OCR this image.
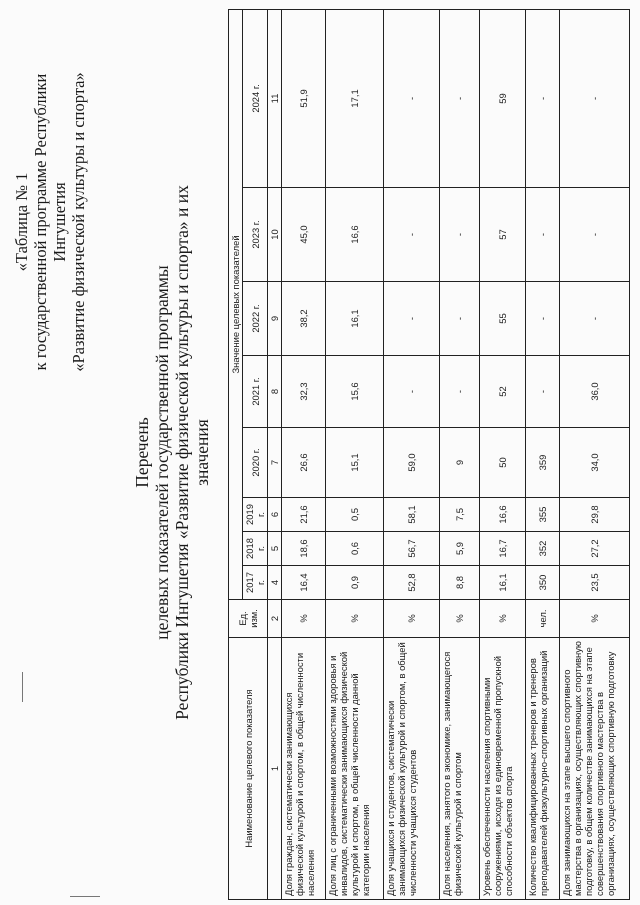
«Таблица № 1 к государственной программе Республики Ингушетия «Развитие физической культуры и спорта»
Перечень целевых показателей государственной программы Республики Ингушетия «Развитие физической культуры и спорта» и их значения
Наименование целевого показателя	Ед. изм.	Значение целевых показателей							
		2017 г.	2018 г.	2019 г.	2020 г.	2021 г.	2022 г.	2023 г.	2024 г.
1	2	4	5	6	7	8	9	10	11
Доля граждан, систематически занимающихся физической культурой и спортом, в общей численности населения	%	16,4	18,6	21,6	26,6	32,3	38,2	45,0	51,9
Доля лиц с ограниченными возможностями здоровья и инвалидов, систематически занимающихся физической культурой и спортом, в общей численности данной категории населения	%	0,9	0,6	0,5	15,1	15,6	16,1	16,6	17,1
Доля учащихся и студентов, систематически занимающихся физической культурой и спортом, в общей численности учащихся студентов	%	52,8	56,7	58,1	59,0	-	-	-	-
Доля населения, занятого в экономике, занимающегося физической культурой и спортом	%	8,8	5,9	7,5	9	-	-	-	-
Уровень обеспеченности населения спортивными сооружениями, исходя из единовременной пропускной способности объектов спорта	%	16,1	16,7	16,6	50	52	55	57	59
Количество квалифицированных тренеров и тренеров преподавателей физкультурно-спортивных организаций	чел.	350	352	355	359	-	-	-	-
Доля занимающихся на этапе высшего спортивного мастерства в организациях, осуществляющих спортивную подготовку, в общем количестве занимающихся на этапе совершенствования спортивного мастерства в организациях, осуществляющих спортивную подготовку	%	23,5	27,2	29,8	34,0	36,0	-	-	-
